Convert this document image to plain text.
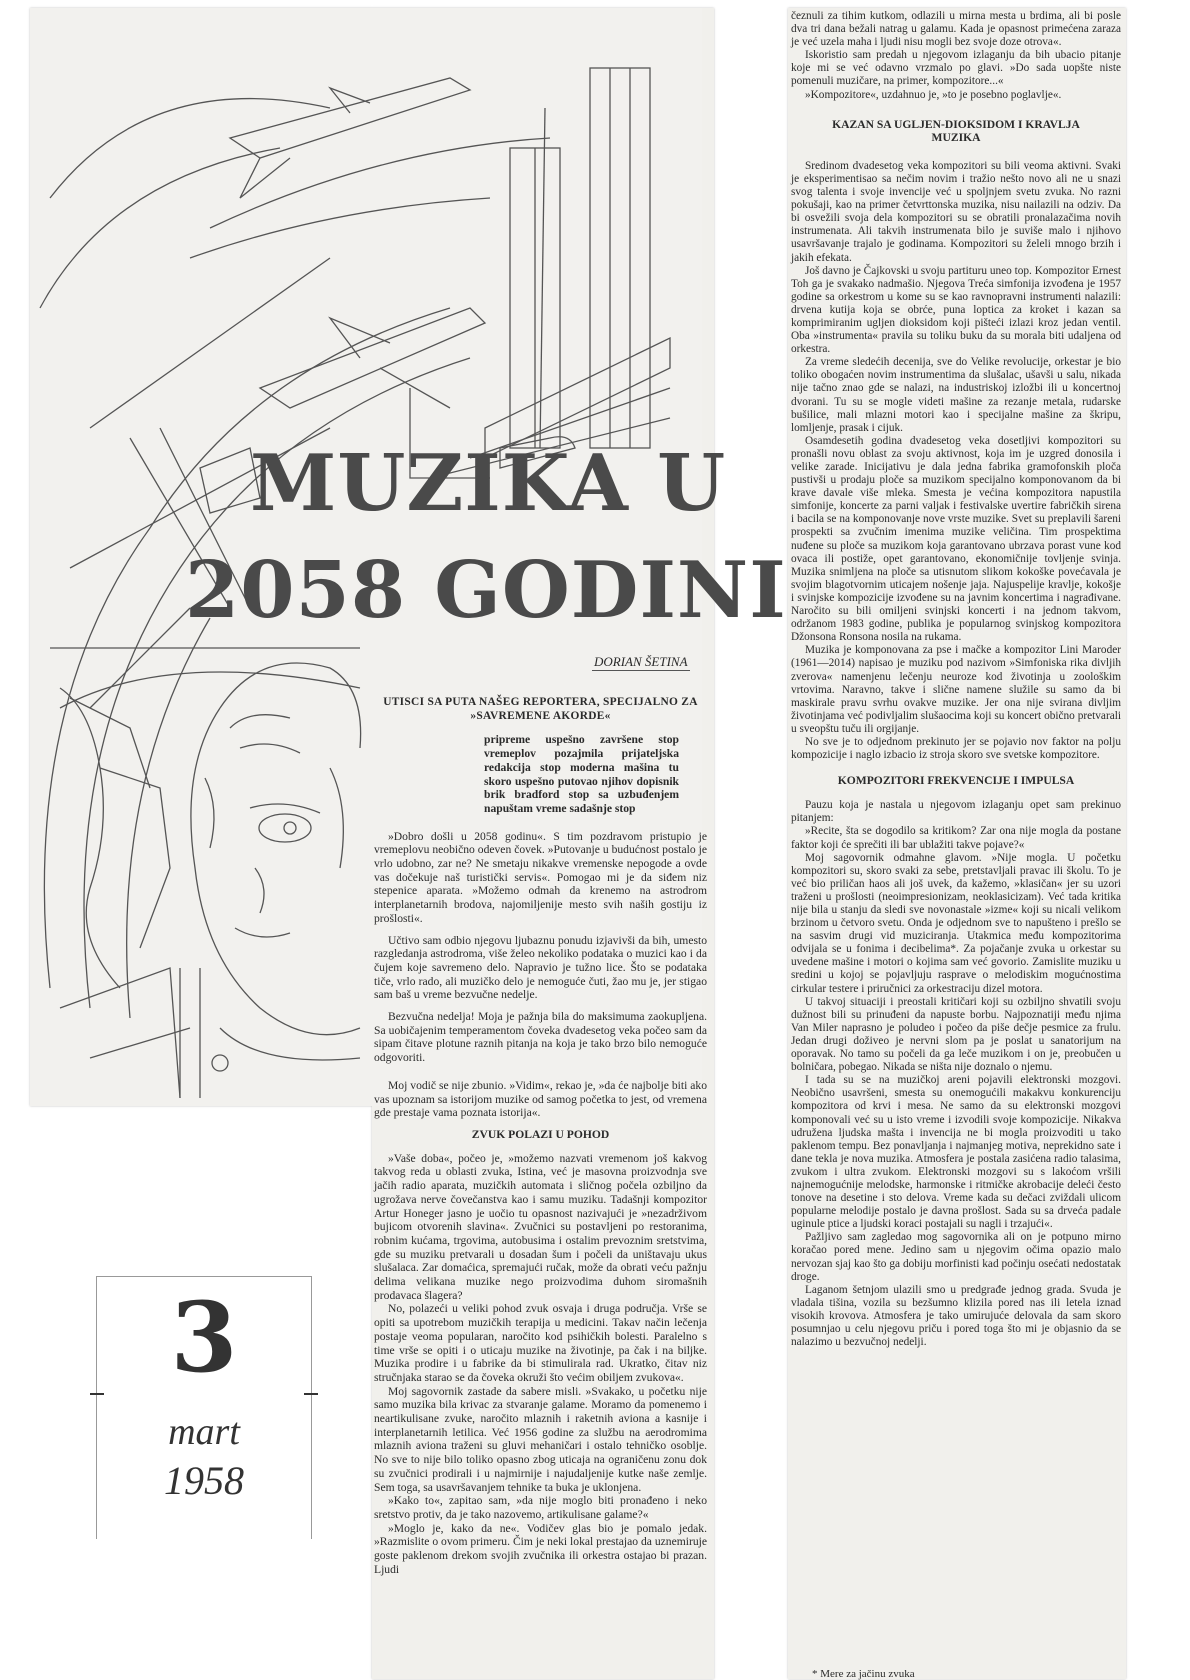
MUZIKA U
2058 GODINI
DORIAN ŠETINA

UTISCI SA PUTA NAŠEG REPORTERA, SPECIJALNO ZA »SAVREMENE AKORDE«

pripreme uspešno završene stop vremeplov pozajmila prijateljska redakcija stop moderna mašina tu skoro uspešno putovao njihov dopisnik brik bradford stop sa uzbuđenjem napuštam vreme sadašnje stop

»Dobro došli u 2058 godinu«. S tim pozdravom pristupio je vremeplovu neobično odeven čovek. »Putovanje u budućnost postalo je vrlo udobno, zar ne? Ne smetaju nikakve vremenske nepogode a ovde vas dočekuje naš turistički servis«. Pomogao mi je da siđem niz stepenice aparata. »Možemo odmah da krenemo na astrodrom interplanetarnih brodova, najomiljenije mesto svih naših gostiju iz prošlosti«.

Učtivo sam odbio njegovu ljubaznu ponudu izjavivši da bih, umesto razgledanja astrodroma, više želeo nekoliko podataka o muzici kao i da čujem koje savremeno delo. Napravio je tužno lice. Što se podataka tiče, vrlo rado, ali muzičko delo je nemoguće čuti, žao mu je, jer stigao sam baš u vreme bezvučne nedelje.

Bezvučna nedelja! Moja je pažnja bila do maksimuma zaokupljena. Sa uobičajenim temperamentom čoveka dvadesetog veka počeo sam da sipam čitave plotune raznih pitanja na koja je tako brzo bilo nemoguće odgovoriti.

Moj vodič se nije zbunio. »Vidim«, rekao je, »da će najbolje biti ako vas upoznam sa istorijom muzike od samog početka to jest, od vremena gde prestaje vama poznata istorija«.

ZVUK POLAZI U POHOD

»Vaše doba«, počeo je, »možemo nazvati vremenom još kakvog takvog reda u oblasti zvuka, Istina, već je masovna proizvodnja sve jačih radio aparata, muzičkih automata i sličnog počela ozbiljno da ugrožava nerve čovečanstva kao i samu muziku. Tadašnji kompozitor Artur Honeger jasno je uočio tu opasnost nazivajući je »nezadrživom bujicom otvorenih slavina«. Zvučnici su postavljeni po restoranima, robnim kućama, trgovima, autobusima i ostalim prevoznim sretstvima, gde su muziku pretvarali u dosadan šum i počeli da uništavaju ukus slušalaca. Zar domaćica, spremajući ručak, može da obrati veću pažnju delima velikana muzike nego proizvodima duhom siromašnih prodavaca šlagera?

No, polazeći u veliki pohod zvuk osvaja i druga područja. Vrše se opiti sa upotrebom muzičkih terapija u medicini. Takav način lečenja postaje veoma popularan, naročito kod psihičkih bolesti. Paralelno s time vrše se opiti i o uticaju muzike na životinje, pa čak i na biljke. Muzika prodire i u fabrike da bi stimulirala rad. Ukratko, čitav niz stručnjaka starao se da čoveka okruži što većim obiljem zvukova«.

Moj sagovornik zastade da sabere misli. »Svakako, u početku nije samo muzika bila krivac za stvaranje galame. Moramo da pomenemo i neartikulisane zvuke, naročito mlaznih i raketnih aviona a kasnije i interplanetarnih letilica. Već 1956 godine za službu na aerodromima mlaznih aviona traženi su gluvi mehaničari i ostalo tehničko osoblje. No sve to nije bilo toliko opasno zbog uticaja na ograničenu zonu dok su zvučnici prodirali i u najmirnije i najudaljenije kutke naše zemlje. Sem toga, sa usavršavanjem tehnike ta buka je uklonjena.

»Kako to«, zapitao sam, »da nije moglo biti pronađeno i neko sretstvo protiv, da je tako nazovemo, artikulisane galame?«

»Moglo je, kako da ne«. Vodičev glas bio je pomalo jedak. »Razmislite o ovom primeru. Čim je neki lokal prestajao da uznemiruje goste paklenom drekom svojih zvučnika ili orkestra ostajao bi prazan. Ljudi

čeznuli za tihim kutkom, odlazili u mirna mesta u brdima, ali bi posle dva tri dana bežali natrag u galamu. Kada je opasnost primećena zaraza je već uzela maha i ljudi nisu mogli bez svoje doze otrova«.

Iskoristio sam predah u njegovom izlaganju da bih ubacio pitanje koje mi se već odavno vrzmalo po glavi. »Do sada uopšte niste pomenuli muzičare, na primer, kompozitore...«

»Kompozitore«, uzdahnuo je, »to je posebno poglavlje«.

KAZAN SA UGLJEN-DIOKSIDOM I KRAVLJA MUZIKA

Sredinom dvadesetog veka kompozitori su bili veoma aktivni. Svaki je eksperimentisao sa nečim novim i tražio nešto novo ali ne u snazi svog talenta i svoje invencije već u spoljnjem svetu zvuka. No razni pokušaji, kao na primer četvrttonska muzika, nisu nailazili na odziv. Da bi osvežili svoja dela kompozitori su se obratili pronalazačima novih instrumenata. Ali takvih instrumenata bilo je suviše malo i njihovo usavršavanje trajalo je godinama. Kompozitori su želeli mnogo brzih i jakih efekata.

Još davno je Čajkovski u svoju partituru uneo top. Kompozitor Ernest Toh ga je svakako nadmašio. Njegova Treća simfonija izvođena je 1957 godine sa orkestrom u kome su se kao ravnopravni instrumenti nalazili: drvena kutija koja se obrće, puna loptica za kroket i kazan sa komprimiranim ugljen dioksidom koji pišteći izlazi kroz jedan ventil. Oba »instrumenta« pravila su toliku buku da su morala biti udaljena od orkestra.

Za vreme sledećih decenija, sve do Velike revolucije, orkestar je bio toliko obogaćen novim instrumentima da slušalac, ušavši u salu, nikada nije tačno znao gde se nalazi, na industriskoj izložbi ili u koncertnoj dvorani. Tu su se mogle videti mašine za rezanje metala, rudarske bušilice, mali mlazni motori kao i specijalne mašine za škripu, lomljenje, prasak i cijuk.

Osamdesetih godina dvadesetog veka dosetljivi kompozitori su pronašli novu oblast za svoju aktivnost, koja im je uzgred donosila i velike zarade. Inicijativu je dala jedna fabrika gramofonskih ploča pustivši u prodaju ploče sa muzikom specijalno komponovanom da bi krave davale više mleka. Smesta je većina kompozitora napustila simfonije, koncerte za parni valjak i festivalske uvertire fabričkih sirena i bacila se na komponovanje nove vrste muzike. Svet su preplavili šareni prospekti sa zvučnim imenima muzike veličina. Tim prospektima nuđene su ploče sa muzikom koja garantovano ubrzava porast vune kod ovaca ili postiže, opet garantovano, ekonomičnije tovljenje svinja. Muzika snimljena na ploče sa utisnutom slikom kokoške povećavala je svojim blagotvornim uticajem nošenje jaja. Najuspelije kravlje, kokošje i svinjske kompozicije izvođene su na javnim koncertima i nagrađivane. Naročito su bili omiljeni svinjski koncerti i na jednom takvom, održanom 1983 godine, publika je popularnog svinjskog kompozitora Džonsona Ronsona nosila na rukama.

Muzika je komponovana za pse i mačke a kompozitor Lini Maroder (1961—2014) napisao je muziku pod nazivom »Simfoniska rika divljih zverova« namenjenu lečenju neuroze kod životinja u zoološkim vrtovima. Naravno, takve i slične namene služile su samo da bi maskirale pravu svrhu ovakve muzike. Jer ona nije svirana divljim životinjama već podivljalim slušaocima koji su koncert obično pretvarali u sveopštu tuču ili orgijanje.

No sve je to odjednom prekinuto jer se pojavio nov faktor na polju kompozicije i naglo izbacio iz stroja skoro sve svetske kompozitore.

KOMPOZITORI FREKVENCIJE I IMPULSA

Pauzu koja je nastala u njegovom izlaganju opet sam prekinuo pitanjem:

»Recite, šta se dogodilo sa kritikom? Zar ona nije mogla da postane faktor koji će sprečiti ili bar ublažiti takve pojave?«

Moj sagovornik odmahne glavom. »Nije mogla. U početku kompozitori su, skoro svaki za sebe, pretstavljali pravac ili školu. To je već bio priličan haos ali još uvek, da kažemo, »klasičan« jer su uzori traženi u prošlosti (neoimpresionizam, neoklasicizam). Već tada kritika nije bila u stanju da sledi sve novonastale »izme« koji su nicali velikom brzinom u četvoro svetu. Onda je odjednom sve to napušteno i prešlo se na sasvim drugi vid muziciranja. Utakmica među kompozitorima odvijala se u fonima i decibelima*. Za pojačanje zvuka u orkestar su uvedene mašine i motori o kojima sam već govorio. Zamislite muziku u sredini u kojoj se pojavljuju rasprave o melodiskim mogućnostima cirkular testere i priručnici za orkestraciju dizel motora.

U takvoj situaciji i preostali kritičari koji su ozbiljno shvatili svoju dužnost bili su prinuđeni da napuste borbu. Najpoznatiji među njima Van Miler naprasno je poludeo i počeo da piše dečje pesmice za frulu. Jedan drugi doživeo je nervni slom pa je poslat u sanatorijum na oporavak. No tamo su počeli da ga leče muzikom i on je, preobučen u bolničara, pobegao. Nikada se ništa nije doznalo o njemu.

I tada su se na muzičkoj areni pojavili elektronski mozgovi. Neobično usavršeni, smesta su onemogućili makakvu konkurenciju kompozitora od krvi i mesa. Ne samo da su elektronski mozgovi komponovali već su u isto vreme i izvodili svoje kompozicije. Nikakva udružena ljudska mašta i invencija ne bi mogla proizvoditi u tako paklenom tempu. Bez ponavljanja i najmanjeg motiva, neprekidno sate i dane tekla je nova muzika. Atmosfera je postala zasićena radio talasima, zvukom i ultra zvukom. Elektronski mozgovi su s lakoćom vršili najnemogućnije melodske, harmonske i ritmičke akrobacije deleći često tonove na desetine i sto delova. Vreme kada su dečaci zviždali ulicom popularne melodije postalo je davna prošlost. Sada su sa drveća padale uginule ptice a ljudski koraci postajali su nagli i trzajući«.

Pažljivo sam zagledao mog sagovornika ali on je potpuno mirno koračao pored mene. Jedino sam u njegovim očima opazio malo nervozan sjaj kao što ga dobiju morfinisti kad počinju osećati nedostatak droge.

Laganom šetnjom ulazili smo u predgrađe jednog grada. Svuda je vladala tišina, vozila su bezšumno klizila pored nas ili letela iznad visokih krovova. Atmosfera je tako umirujuće delovala da sam skoro posumnjao u celu njegovu priču i pored toga što mi je objasnio da se nalazimo u bezvučnoj nedelji.

* Mere za jačinu zvuka
3
mart
1958
